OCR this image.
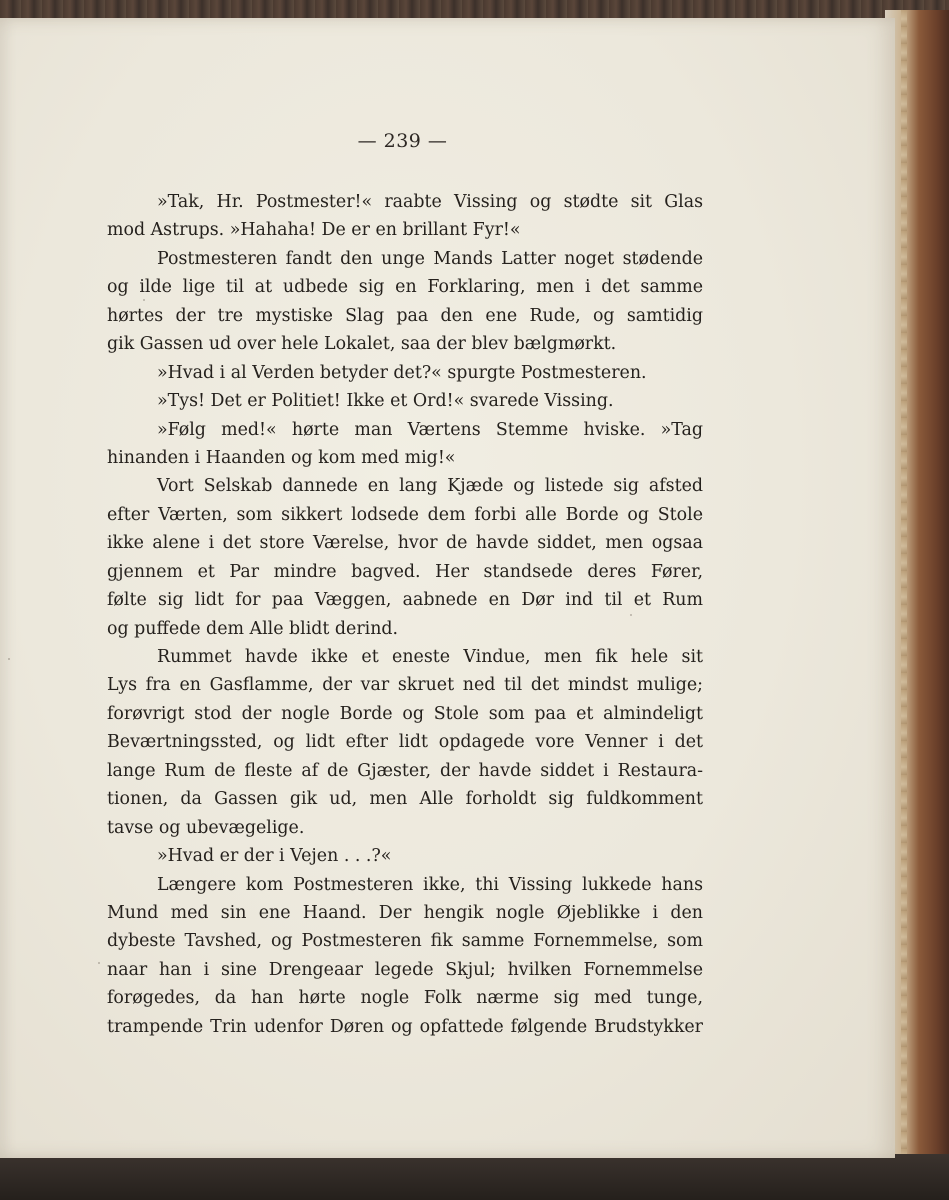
— 239 —
»Tak, Hr. Postmester!« raabte Vissing og stødte sit Glas
mod Astrups. »Hahaha! De er en brillant Fyr!«
Postmesteren fandt den unge Mands Latter noget stødende
og ilde lige til at udbede sig en Forklaring, men i det samme
hørtes der tre mystiske Slag paa den ene Rude, og samtidig
gik Gassen ud over hele Lokalet, saa der blev bælgmørkt.
»Hvad i al Verden betyder det?« spurgte Postmesteren.
»Tys! Det er Politiet! Ikke et Ord!« svarede Vissing.
»Følg med!« hørte man Værtens Stemme hviske. »Tag
hinanden i Haanden og kom med mig!«
Vort Selskab dannede en lang Kjæde og listede sig afsted
efter Værten, som sikkert lodsede dem forbi alle Borde og Stole
ikke alene i det store Værelse, hvor de havde siddet, men ogsaa
gjennem et Par mindre bagved. Her standsede deres Fører,
følte sig lidt for paa Væggen, aabnede en Dør ind til et Rum
og puffede dem Alle blidt derind.
Rummet havde ikke et eneste Vindue, men fik hele sit
Lys fra en Gasflamme, der var skruet ned til det mindst mulige;
forøvrigt stod der nogle Borde og Stole som paa et almindeligt
Beværtningssted, og lidt efter lidt opdagede vore Venner i det
lange Rum de fleste af de Gjæster, der havde siddet i Restaura-
tionen, da Gassen gik ud, men Alle forholdt sig fuldkomment
tavse og ubevægelige.
»Hvad er der i Vejen . . .?«
Længere kom Postmesteren ikke, thi Vissing lukkede hans
Mund med sin ene Haand. Der hengik nogle Øjeblikke i den
dybeste Tavshed, og Postmesteren fik samme Fornemmelse, som
naar han i sine Drengeaar legede Skjul; hvilken Fornemmelse
forøgedes, da han hørte nogle Folk nærme sig med tunge,
trampende Trin udenfor Døren og opfattede følgende Brudstykker
